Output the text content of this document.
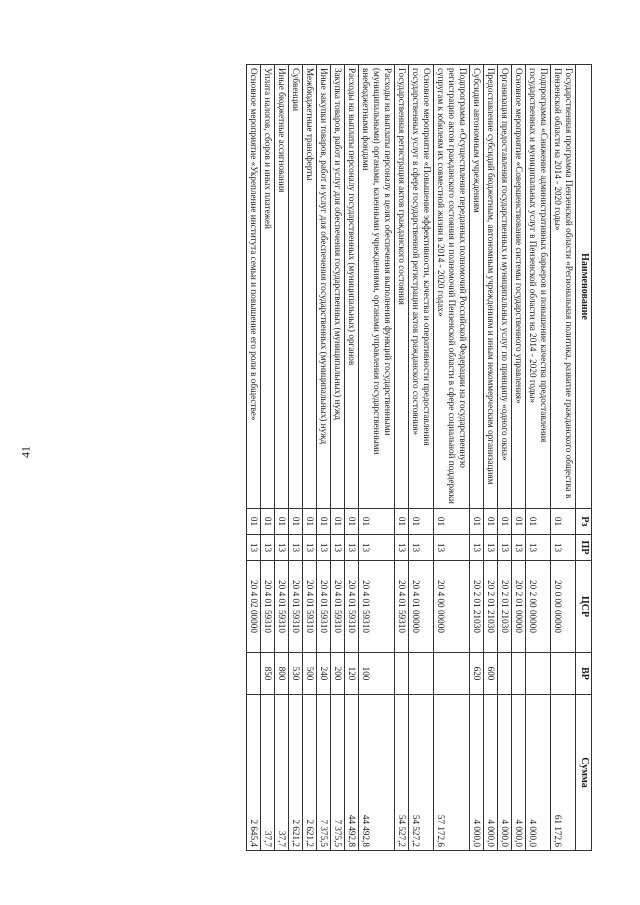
41
Наименование	Рз	ПР	ЦСР	ВР	Сумма
Государственная программа Пензенской области «Региональная политика, развитие гражданского общества в Пензенской области на 2014 - 2020 годы»	01	13	20 0 00 00000		61 172,6
Подпрограмма «Снижение административных барьеров и повышение качества предоставления государственных и муниципальных услуг в Пензенской области на 2014 - 2020 годы»	01	13	20 2 00 00000		4 000,0
Основное мероприятие «Совершенствование системы государственного управления»	01	13	20 2 01 00000		4 000,0
Организация предоставления государственных и муниципальных услуг по принципу «одного окна»	01	13	20 2 01 21030		4 000,0
Предоставление субсидий бюджетным, автономным учреждениям и иным некоммерческим организациям	01	13	20 2 01 21030	600	4 000,0
Субсидии автономным учреждениям	01	13	20 2 01 21030	620	4 000,0
Подпрограмма «Осуществление переданных полномочий Российской Федерации на государственную регистрацию актов гражданского состояния и полномочий Пензенской области в сфере социальной поддержки супругам к юбилеям их совместной жизни в 2014 - 2020 годах»	01	13	20 4 00 00000		57 172,6
Основное мероприятие «Повышение эффективности, качества и оперативности предоставления государственных услуг в сфере государственной регистрации актов гражданского состояния»	01	13	20 4 01 00000		54 527,2
Государственная регистрация актов гражданского состояния	01	13	20 4 01 59310		54 527,2
Расходы на выплаты персоналу в целях обеспечения выполнения функций государственными (муниципальными) органами, казенными учреждениями, органами управления государственными внебюджетными фондами	01	13	20 4 01 59310	100	44 492,8
Расходы на выплаты персоналу государственных (муниципальных) органов	01	13	20 4 01 59310	120	44 492,8
Закупка товаров, работ и услуг для обеспечения государственных (муниципальных) нужд	01	13	20 4 01 59310	200	7 375,5
Иные закупки товаров, работ и услуг для обеспечения государственных (муниципальных) нужд	01	13	20 4 01 59310	240	7 375,5
Межбюджетные трансферты	01	13	20 4 01 59310	500	2 621,2
Субвенции	01	13	20 4 01 59310	530	2 621,2
Иные бюджетные ассигнования	01	13	20 4 01 59310	800	37,7
Уплата налогов, сборов и иных платежей	01	13	20 4 01 59310	850	37,7
Основное мероприятие «Укрепление института семьи и повышение его роли в обществе»	01	13	20 4 02 00000		2 645,4
